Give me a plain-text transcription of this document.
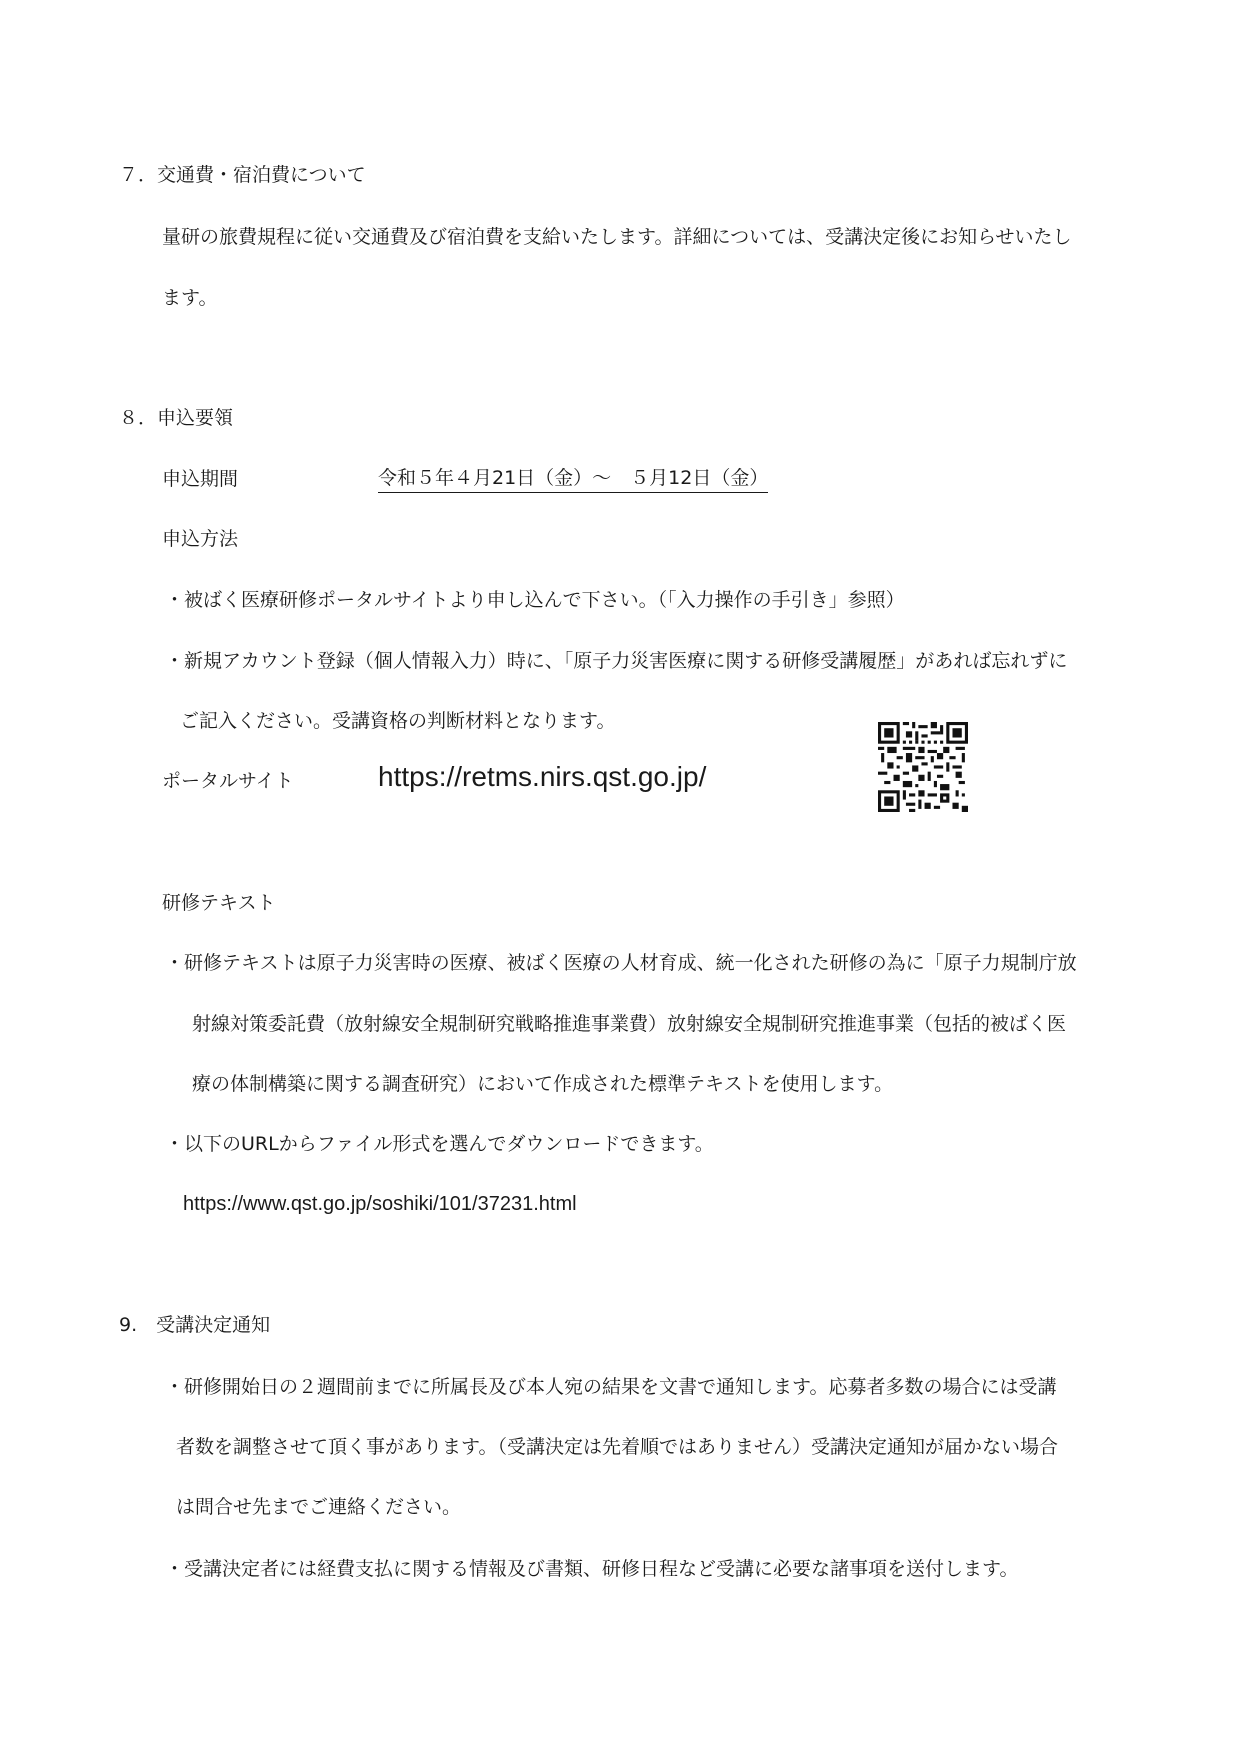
７．交通費・宿泊費について
量研の旅費規程に従い交通費及び宿泊費を支給いたします。詳細については、受講決定後にお知らせいたし
ます。
８．申込要領
申込期間	令和５年４月21日（金）～　５月12日（金）
申込方法
・被ばく医療研修ポータルサイトより申し込んで下さい。（「入力操作の手引き」参照）
・新規アカウント登録（個人情報入力）時に、「原子力災害医療に関する研修受講履歴」があれば忘れずに
ご記入ください。受講資格の判断材料となります。
ポータルサイト	https://retms.nirs.qst.go.jp/
研修テキスト
・研修テキストは原子力災害時の医療、被ばく医療の人材育成、統一化された研修の為に「原子力規制庁放
射線対策委託費（放射線安全規制研究戦略推進事業費）放射線安全規制研究推進事業（包括的被ばく医
療の体制構築に関する調査研究）において作成された標準テキストを使用します。
・以下のURLからファイル形式を選んでダウンロードできます。
https://www.qst.go.jp/soshiki/101/37231.html
9.　受講決定通知
・研修開始日の２週間前までに所属長及び本人宛の結果を文書で通知します。応募者多数の場合には受講
者数を調整させて頂く事があります。（受講決定は先着順ではありません）受講決定通知が届かない場合
は問合せ先までご連絡ください。
・受講決定者には経費支払に関する情報及び書類、研修日程など受講に必要な諸事項を送付します。
